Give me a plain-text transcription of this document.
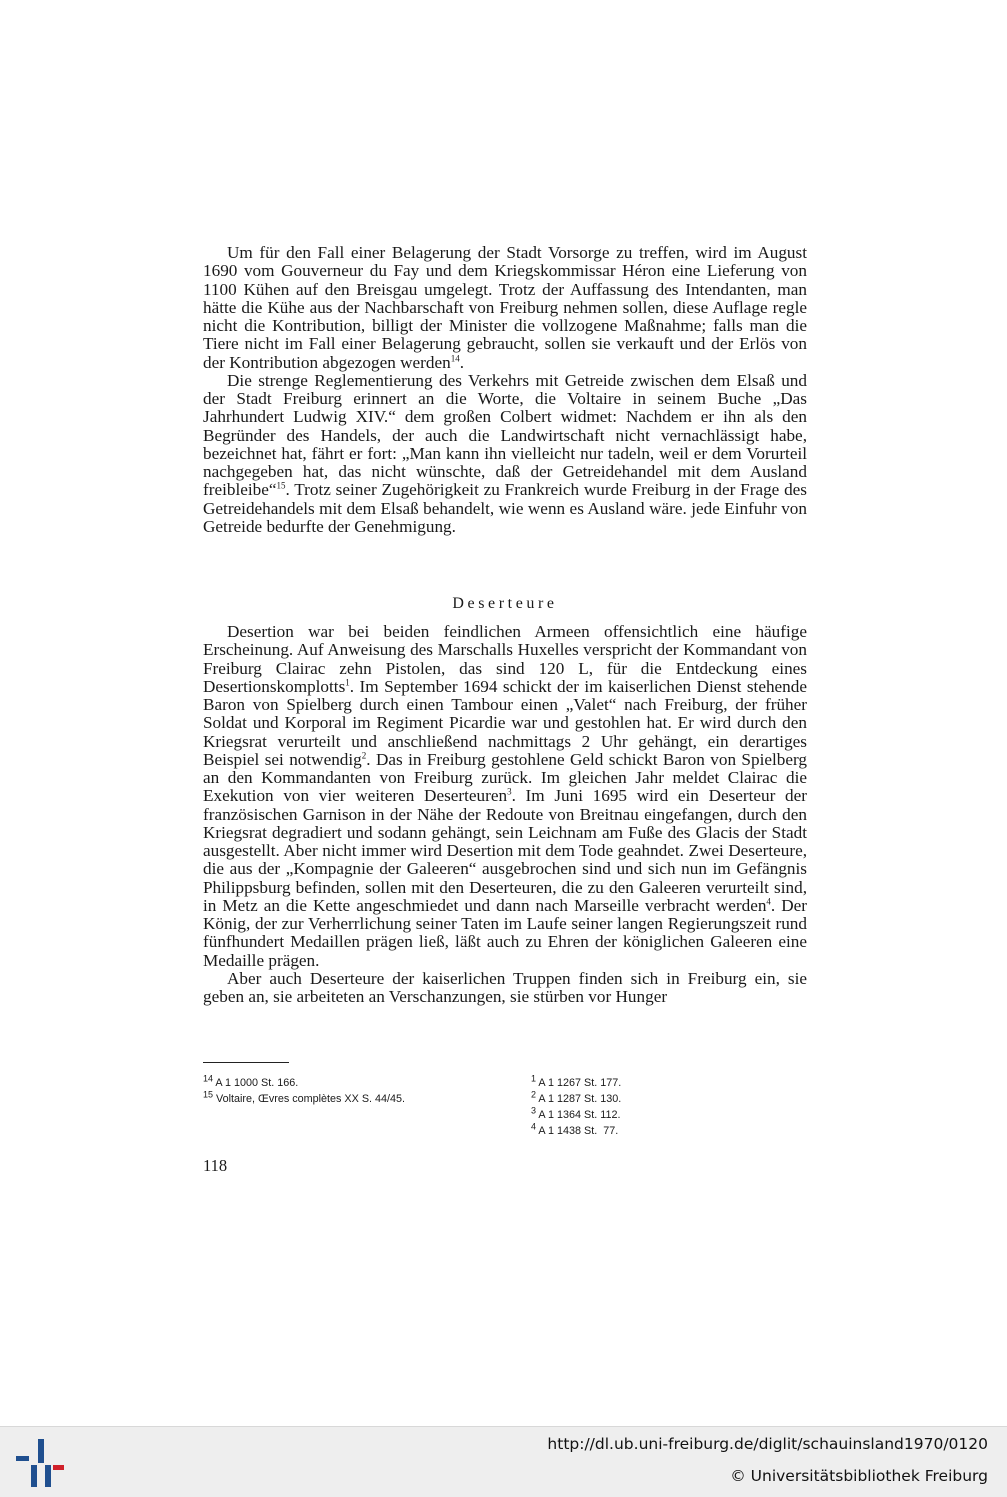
Um für den Fall einer Belagerung der Stadt Vorsorge zu treffen, wird im August 1690 vom Gouverneur du Fay und dem Kriegskommissar Héron eine Lieferung von 1100 Kühen auf den Breisgau umgelegt. Trotz der Auffassung des Intendanten, man hätte die Kühe aus der Nachbarschaft von Freiburg nehmen sollen, diese Auflage regle nicht die Kontribution, billigt der Minister die vollzogene Maßnahme; falls man die Tiere nicht im Fall einer Belagerung gebraucht, sollen sie verkauft und der Erlös von der Kontribution abgezogen werden$^{14}$.

Die strenge Reglementierung des Verkehrs mit Getreide zwischen dem Elsaß und der Stadt Freiburg erinnert an die Worte, die Voltaire in seinem Buche „Das Jahrhundert Ludwig XIV.“ dem großen Colbert widmet: Nachdem er ihn als den Begründer des Handels, der auch die Landwirtschaft nicht vernachlässigt habe, bezeichnet hat, fährt er fort: „Man kann ihn vielleicht nur tadeln, weil er dem Vorurteil nachgegeben hat, das nicht wünschte, daß der Getreidehandel mit dem Ausland freibleibe“$^{15}$. Trotz seiner Zugehörigkeit zu Frankreich wurde Freiburg in der Frage des Getreidehandels mit dem Elsaß behandelt, wie wenn es Ausland wäre. jede Einfuhr von Getreide bedurfte der Genehmigung.

Deserteure

Desertion war bei beiden feindlichen Armeen offensichtlich eine häufige Erscheinung. Auf Anweisung des Marschalls Huxelles verspricht der Kommandant von Freiburg Clairac zehn Pistolen, das sind 120 L, für die Entdeckung eines Desertionskomplotts$^1$. Im September 1694 schickt der im kaiserlichen Dienst stehende Baron von Spielberg durch einen Tambour einen „Valet“ nach Freiburg, der früher Soldat und Korporal im Regiment Picardie war und gestohlen hat. Er wird durch den Kriegsrat verurteilt und anschließend nachmittags 2 Uhr gehängt, ein derartiges Beispiel sei notwendig$^2$. Das in Freiburg gestohlene Geld schickt Baron von Spielberg an den Kommandanten von Freiburg zurück. Im gleichen Jahr meldet Clairac die Exekution von vier weiteren Deserteuren$^3$. Im Juni 1695 wird ein Deserteur der französischen Garnison in der Nähe der Redoute von Breitnau eingefangen, durch den Kriegsrat degradiert und sodann gehängt, sein Leichnam am Fuße des Glacis der Stadt ausgestellt. Aber nicht immer wird Desertion mit dem Tode geahndet. Zwei Deserteure, die aus der „Kompagnie der Galeeren“ ausgebrochen sind und sich nun im Gefängnis Philippsburg befinden, sollen mit den Deserteuren, die zu den Galeeren verurteilt sind, in Metz an die Kette angeschmiedet und dann nach Marseille verbracht werden$^4$. Der König, der zur Verherrlichung seiner Taten im Laufe seiner langen Regierungszeit rund fünfhundert Medaillen prägen ließ, läßt auch zu Ehren der königlichen Galeeren eine Medaille prägen.

Aber auch Deserteure der kaiserlichen Truppen finden sich in Freiburg ein, sie geben an, sie arbeiteten an Verschanzungen, sie stürben vor Hunger

$^{14}$ A 1 1000 St. 166.

$^{15}$ Voltaire, Œvres complètes XX S. 44/45.

$^1$ A 1 1267 St. 177.

$^2$ A 1 1287 St. 130.

$^3$ A 1 1364 St. 112.

$^4$ A 1 1438 St.  77.

118
http://dl.ub.uni-freiburg.de/diglit/schauinsland1970/0120
© Universitätsbibliothek Freiburg
